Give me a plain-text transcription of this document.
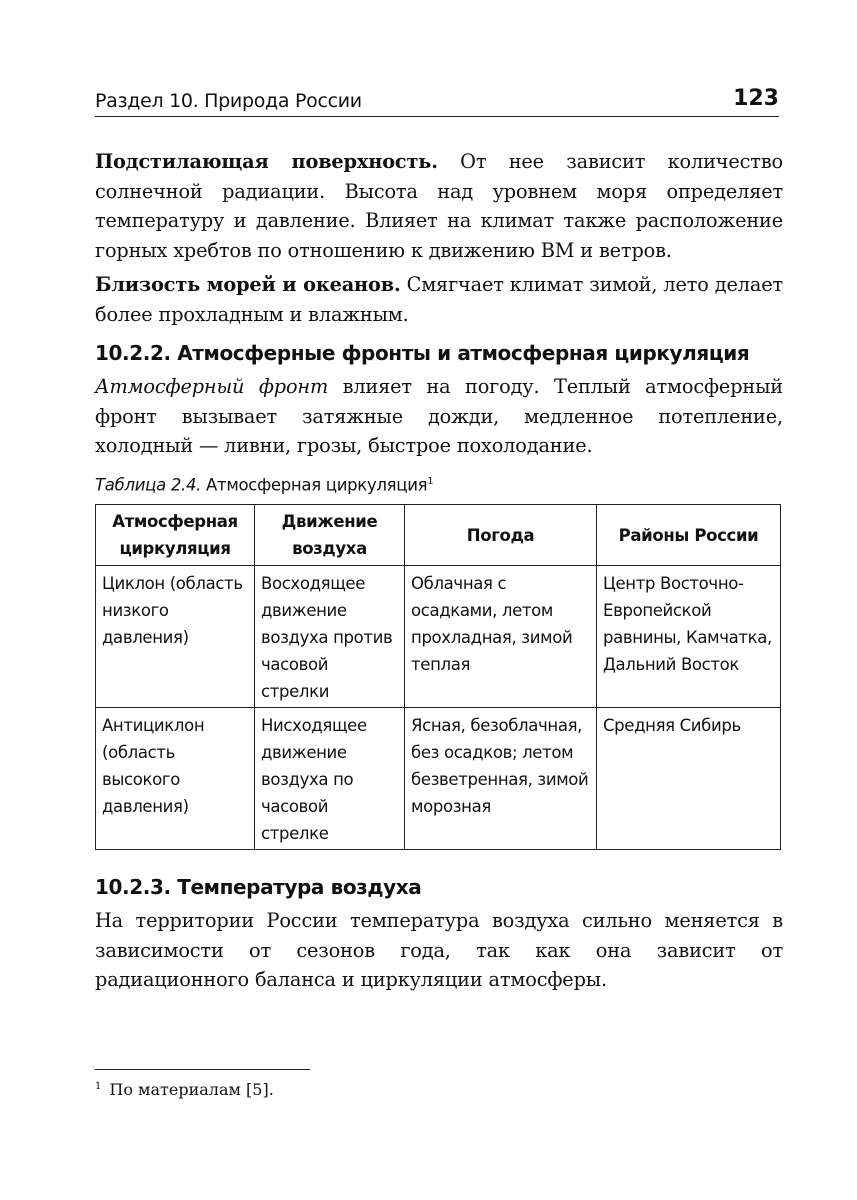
Раздел 10. Природа России	123

Подстилающая поверхность. От нее зависит количество солнечной радиации. Высота над уровнем моря определяет температуру и давление. Влияет на климат также расположение горных хребтов по отношению к движению ВМ и ветров.

Близость морей и океанов. Смягчает климат зимой, лето делает более прохладным и влажным.

10.2.2. Атмосферные фронты и атмосферная циркуляция

Атмосферный фронт влияет на погоду. Теплый атмосферный фронт вызывает затяжные дожди, медленное потепление, холодный — ливни, грозы, быстрое похолодание.

Таблица 2.4. Атмосферная циркуляция$^1$
Атмосферная циркуляция	Движение воздуха	Погода	Районы России
Циклон (область низкого давления)	Восходящее движение воздуха против часовой стрелки	Облачная с осадками, летом прохладная, зимой теплая	Центр Восточно-Европейской равнины, Камчатка, Дальний Восток
Антициклон (область высокого давления)	Нисходящее движение воздуха по часовой стрелке	Ясная, безоблачная, без осадков; летом безветренная, зимой морозная	Средняя Сибирь
10.2.3. Температура воздуха

На территории России температура воздуха сильно меняется в зависимости от сезонов года, так как она зависит от радиационного баланса и циркуляции атмосферы.

$^1$ По материалам [5].
